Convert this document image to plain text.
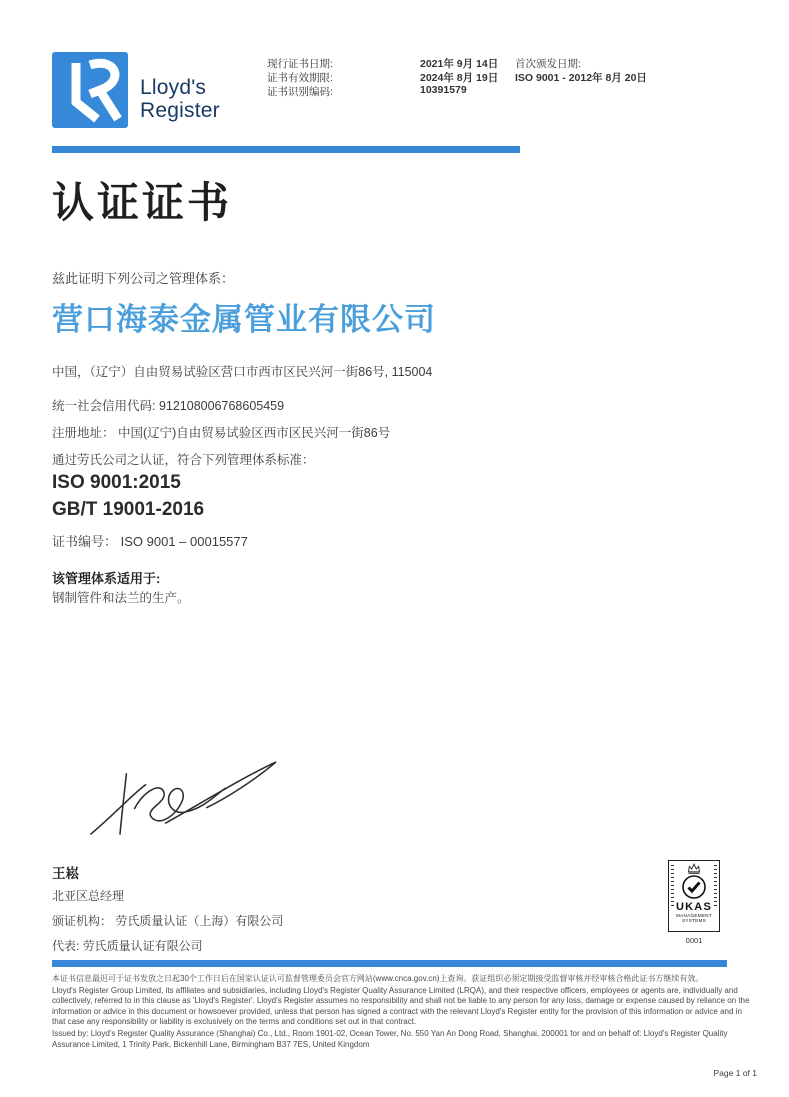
Lloyd's
Register
现行证书日期:
证书有效期限:
证书识别编码:
2021年 9月 14日
2024年 8月 19日
10391579
首次颁发日期:
ISO 9001 - 2012年 8月 20日
认证证书
兹此证明下列公司之管理体系：
营口海泰金属管业有限公司
中国，（辽宁）自由贸易试验区营口市西市区民兴河一街86号, 115004
统一社会信用代码: 912108006768605459
注册地址： 中国(辽宁)自由贸易试验区西市区民兴河一街86号
通过劳氏公司之认证，符合下列管理体系标准：
ISO 9001:2015
GB/T 19001-2016
证书编号： ISO 9001 – 00015577
该管理体系适用于:
钢制管件和法兰的生产。
王崧
北亚区总经理
颁证机构： 劳氏质量认证（上海）有限公司
代表: 劳氏质量认证有限公司
UKAS
MANAGEMENT SYSTEMS
0001

本证书信息最迟可于证书发放之日起30个工作日后在国家认证认可监督管理委员会官方网站(www.cnca.gov.cn)上查询。获证组织必须定期接受监督审核并经审核合格此证书方继续有效。

Lloyd's Register Group Limited, its affiliates and subsidiaries, including Lloyd's Register Quality Assurance Limited (LRQA), and their respective officers, employees or agents are, individually and collectively, referred to in this clause as 'Lloyd's Register'. Lloyd's Register assumes no responsibility and shall not be liable to any person for any loss, damage or expense caused by reliance on the information or advice in this document or howsoever provided, unless that person has signed a contract with the relevant Lloyd's Register entity for the provision of this information or advice and in that case any responsibility or liability is exclusively on the terms and conditions set out in that contract.

Issued by: Lloyd's Register Quality Assurance (Shanghai) Co., Ltd., Room 1901-02, Ocean Tower, No. 550 Yan An Dong Road, Shanghai, 200001 for and on behalf of: Lloyd's Register Quality Assurance Limited, 1 Trinity Park, Bickenhill Lane, Birmingham B37 7ES, United Kingdom

Page 1 of 1
